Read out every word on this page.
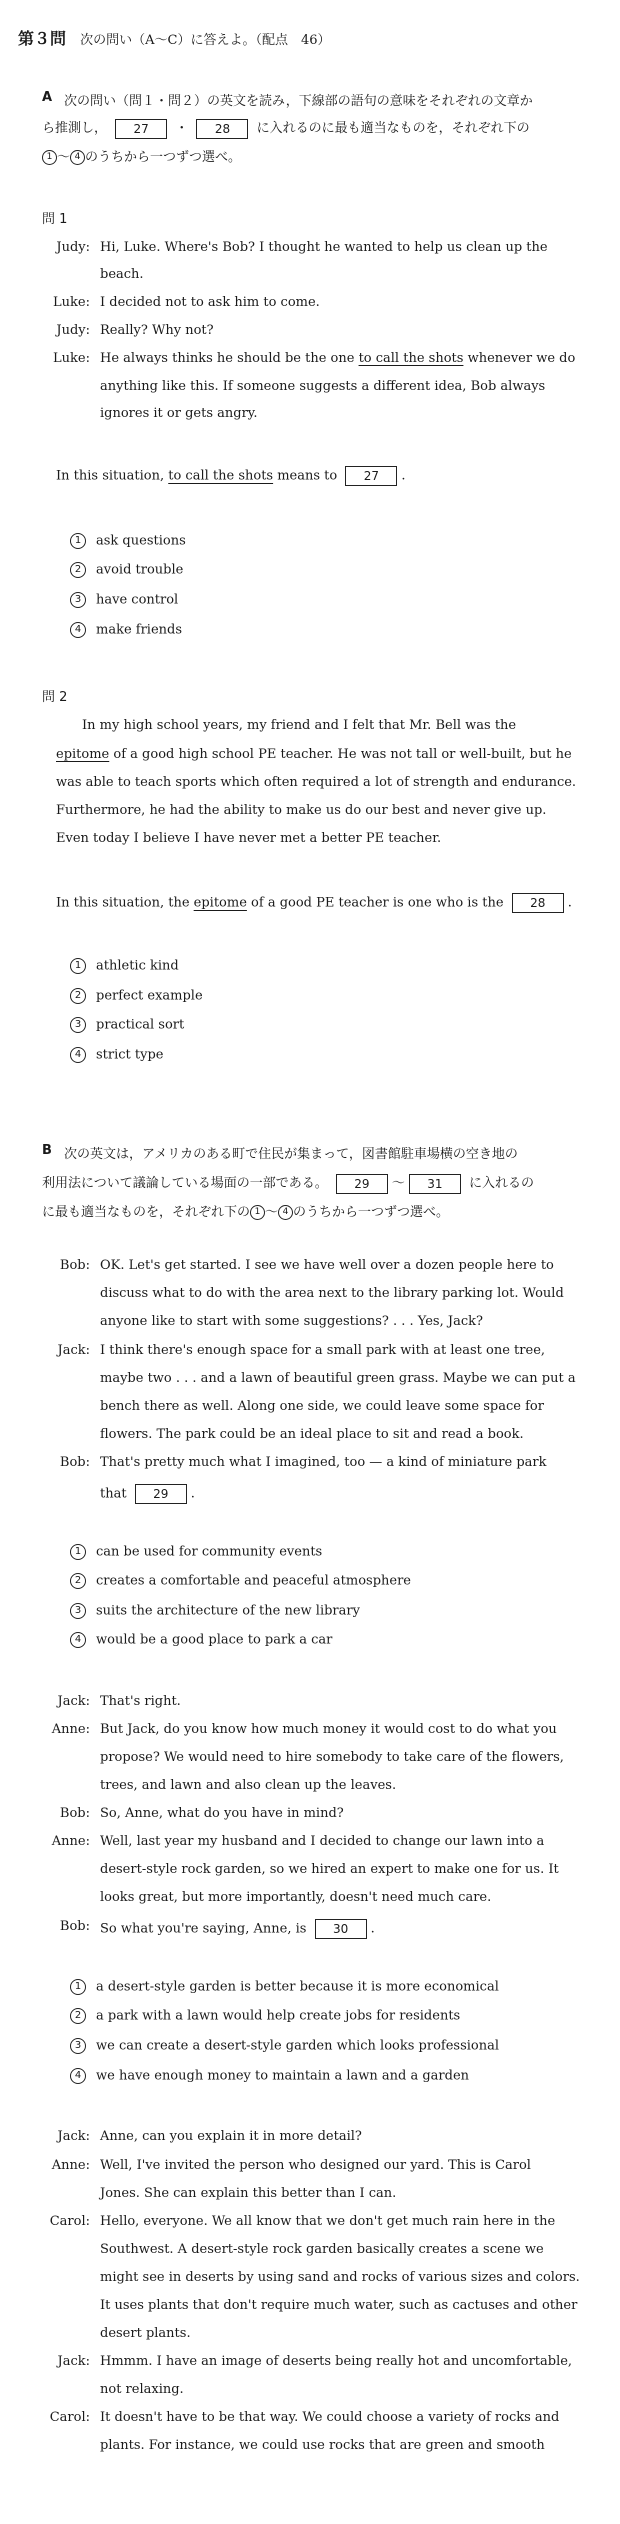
第３問 次の問い（A〜C）に答えよ。（配点　46）
A 次の問い（問１・問２）の英文を読み，下線部の語句の意味をそれぞれの文章か
ら推測し， 27 ・ 28 に入れるのに最も適当なものを，それぞれ下の
1 〜 4 のうちから一つずつ選べ。
問 1
Judy: Hi, Luke. Where's Bob? I thought he wanted to help us clean up the
beach.
Luke: I decided not to ask him to come.
Judy: Really? Why not?
Luke: He always thinks he should be the one to call the shots whenever we do
anything like this. If someone suggests a different idea, Bob always
ignores it or gets angry.
In this situation, to call the shots means to 27 .
1 ask questions
2 avoid trouble
3 have control
4 make friends
問 2
In my high school years, my friend and I felt that Mr. Bell was the
epitome of a good high school PE teacher. He was not tall or well-built, but he
was able to teach sports which often required a lot of strength and endurance.
Furthermore, he had the ability to make us do our best and never give up.
Even today I believe I have never met a better PE teacher.
In this situation, the epitome of a good PE teacher is one who is the 28 .
1 athletic kind
2 perfect example
3 practical sort
4 strict type
B 次の英文は，アメリカのある町で住民が集まって，図書館駐車場横の空き地の
利用法について議論している場面の一部である。 29 〜 31 に入れるの
に最も適当なものを，それぞれ下の 1 〜 4 のうちから一つずつ選べ。
Bob: OK. Let's get started. I see we have well over a dozen people here to
discuss what to do with the area next to the library parking lot. Would
anyone like to start with some suggestions? . . . Yes, Jack?
Jack: I think there's enough space for a small park with at least one tree,
maybe two . . . and a lawn of beautiful green grass. Maybe we can put a
bench there as well. Along one side, we could leave some space for
flowers. The park could be an ideal place to sit and read a book.
Bob: That's pretty much what I imagined, too — a kind of miniature park
that 29 .
1 can be used for community events
2 creates a comfortable and peaceful atmosphere
3 suits the architecture of the new library
4 would be a good place to park a car
Jack: That's right.
Anne: But Jack, do you know how much money it would cost to do what you
propose? We would need to hire somebody to take care of the flowers,
trees, and lawn and also clean up the leaves.
Bob: So, Anne, what do you have in mind?
Anne: Well, last year my husband and I decided to change our lawn into a
desert-style rock garden, so we hired an expert to make one for us. It
looks great, but more importantly, doesn't need much care.
Bob: So what you're saying, Anne, is 30 .
1 a desert-style garden is better because it is more economical
2 a park with a lawn would help create jobs for residents
3 we can create a desert-style garden which looks professional
4 we have enough money to maintain a lawn and a garden
Jack: Anne, can you explain it in more detail?
Anne: Well, I've invited the person who designed our yard. This is Carol
Jones. She can explain this better than I can.
Carol: Hello, everyone. We all know that we don't get much rain here in the
Southwest. A desert-style rock garden basically creates a scene we
might see in deserts by using sand and rocks of various sizes and colors.
It uses plants that don't require much water, such as cactuses and other
desert plants.
Jack: Hmmm. I have an image of deserts being really hot and uncomfortable,
not relaxing.
Carol: It doesn't have to be that way. We could choose a variety of rocks and
plants. For instance, we could use rocks that are green and smooth
